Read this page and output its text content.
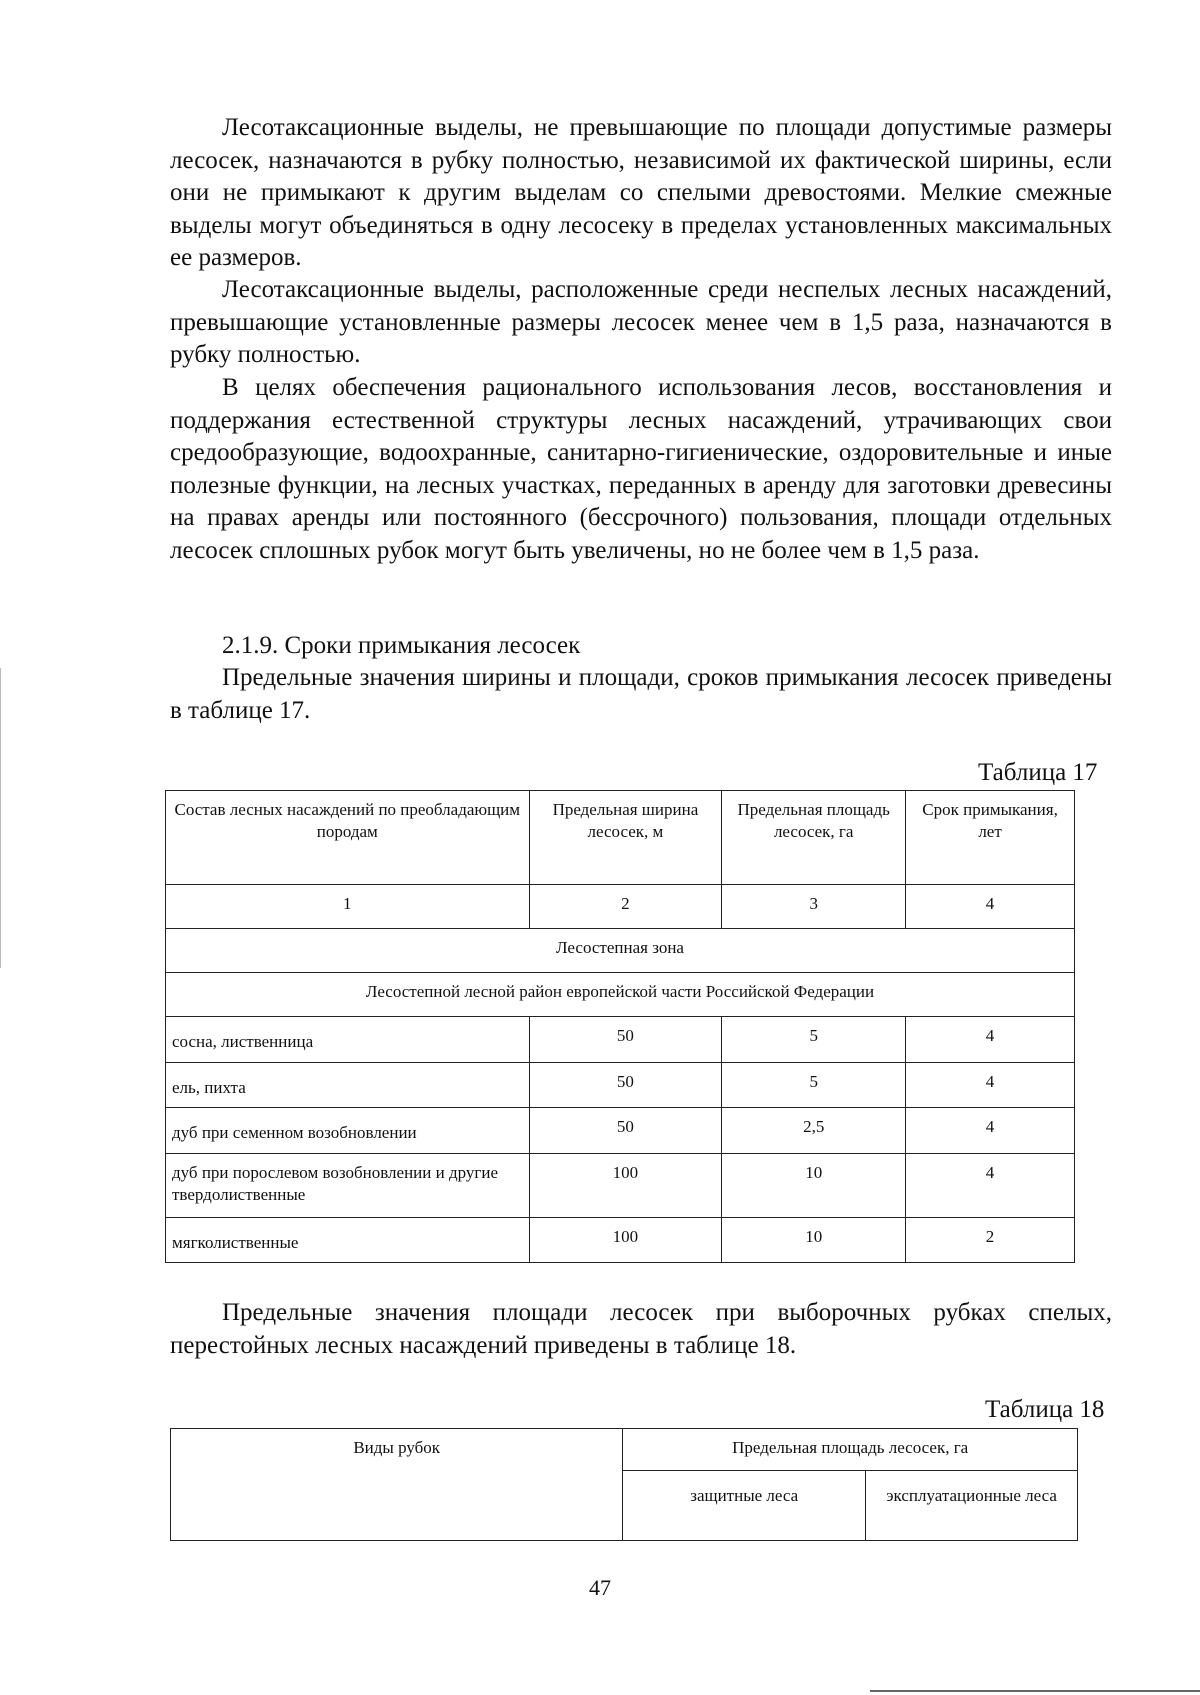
Лесотаксационные выделы, не превышающие по площади допустимые размеры лесосек, назначаются в рубку полностью, независимой их фактической ширины, если они не примыкают к другим выделам со спелыми древостоями. Мелкие смежные выделы могут объединяться в одну лесосеку в пределах установленных максимальных ее размеров.

Лесотаксационные выделы, расположенные среди неспелых лесных насаждений, превышающие установленные размеры лесосек менее чем в 1,5 раза, назначаются в рубку полностью.

В целях обеспечения рационального использования лесов, восстановления и поддержания естественной структуры лесных насаждений, утрачивающих свои средообразующие, водоохранные, санитарно-гигиенические, оздоровительные и иные полезные функции, на лесных участках, переданных в аренду для заготовки древесины на правах аренды или постоянного (бессрочного) пользования, площади отдельных лесосек сплошных рубок могут быть увеличены, но не более чем в 1,5 раза.

2.1.9. Сроки примыкания лесосек

Предельные значения ширины и площади, сроков примыкания лесосек приведены в таблице 17.

Таблица 17
Состав лесных насаждений по преобладающим породам	Предельная ширина лесосек, м	Предельная площадь лесосек, га	Срок примыкания, лет
1	2	3	4
Лесостепная зона			
Лесостепной лесной район европейской части Российской Федерации			
сосна, лиственница	50	5	4
ель, пихта	50	5	4
дуб при семенном возобновлении	50	2,5	4
дуб при порослевом возобновлении и другие твердолиственные	100	10	4
мягколиственные	100	10	2

Предельные значения площади лесосек при выборочных рубках спелых, перестойных лесных насаждений приведены в таблице 18.

Таблица 18
Виды рубок	Предельная площадь лесосек, га	
	защитные леса	эксплуатационные леса
47
